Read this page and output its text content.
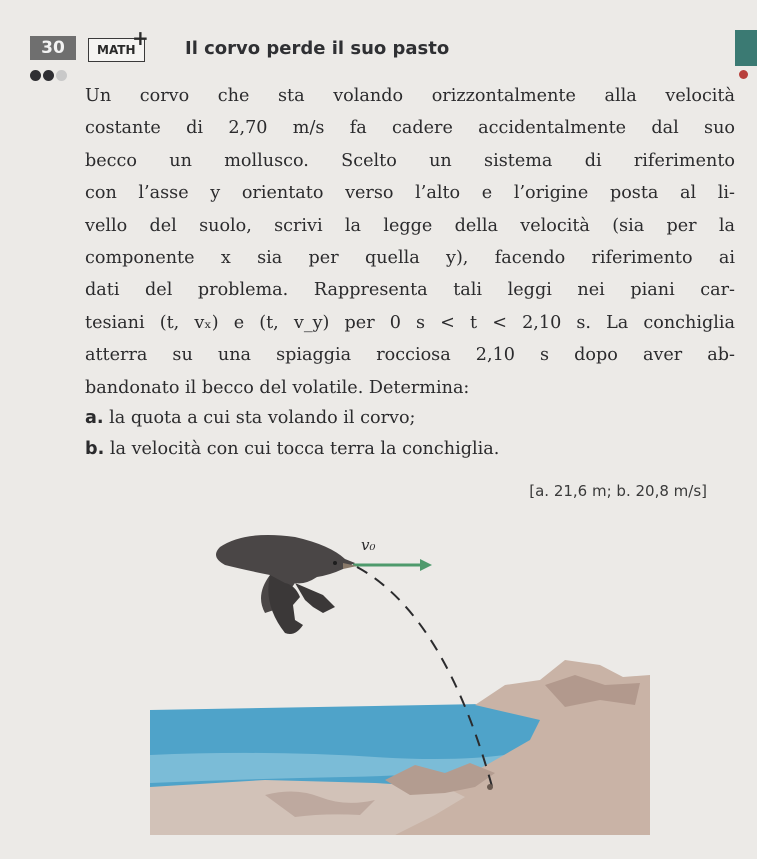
30	MATH
+ Il corvo perde il suo pasto

Un corvo che sta volando orizzontalmente alla velocità

costante di 2,70 m/s fa cadere accidentalmente dal suo

becco un mollusco. Scelto un sistema di riferimento

con l’asse y orientato verso l’alto e l’origine posta al li-

vello del suolo, scrivi la legge della velocità (sia per la

componente x sia per quella y), facendo riferimento ai

dati del problema. Rappresenta tali leggi nei piani car-

tesiani (t, vₓ) e (t, v_y) per 0 s < t < 2,10 s. La conchiglia

atterra su una spiaggia rocciosa 2,10 s dopo aver ab-

bandonato il becco del volatile. Determina:

a. la quota a cui sta volando il corvo;
b. la velocità con cui tocca terra la conchiglia.
[a. 21,6 m; b. 20,8 m/s]
v₀
